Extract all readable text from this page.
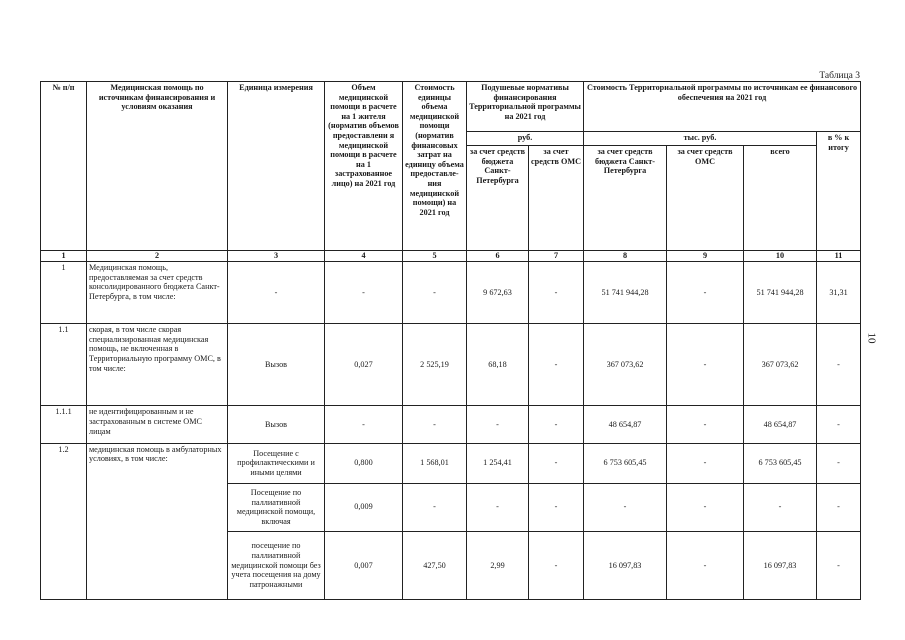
Таблица 3
10
№ п/п	Медицинская помощь по источникам финансирования и условиям оказания	Единица измерения	Объем медицинской помощи в расчете на 1 жителя (норматив объемов предоставлени я медицинской помощи в расчете на 1 застрахованное лицо) на 2021 год	Стоимость единицы объема медицинской помощи (норматив финансовых затрат на единицу объема предоставле-ния медицинской помощи) на 2021 год	Подушевые нормативы финансирования Территориальной программы на 2021 год		Стоимость Территориальной программы по источникам ее финансового обеспечения на 2021 год			
					руб.		тыс. руб.			в % к итогу
					за счет средств бюджета Санкт-Петербурга	за счет средств ОМС	за счет средств бюджета Санкт-Петербурга	за счет средств ОМС	всего	
1	2	3	4	5	6	7	8	9	10	11
1	Медицинская помощь, предоставляемая за счет средств консолидированного бюджета Санкт-Петербурга, в том числе:	-	-	-	9 672,63	-	51 741 944,28	-	51 741 944,28	31,31
1.1	скорая, в том числе скорая специализированная медицинская помощь, не включенная в Территориальную программу ОМС, в том числе:	Вызов	0,027	2 525,19	68,18	-	367 073,62	-	367 073,62	-
1.1.1	не идентифицированным и не застрахованным в системе ОМС лицам	Вызов	-	-	-	-	48 654,87	-	48 654,87	-
1.2	медицинская помощь в амбулаторных условиях, в том числе:	Посещение с профилактическими и иными целями	0,800	1 568,01	1 254,41	-	6 753 605,45	-	6 753 605,45	-
		Посещение по паллиативной медицинской помощи, включая	0,009	-	-	-	-	-	-	-
		посещение по паллиативной медицинской помощи без учета посещения на дому патронажными	0,007	427,50	2,99	-	16 097,83	-	16 097,83	-
